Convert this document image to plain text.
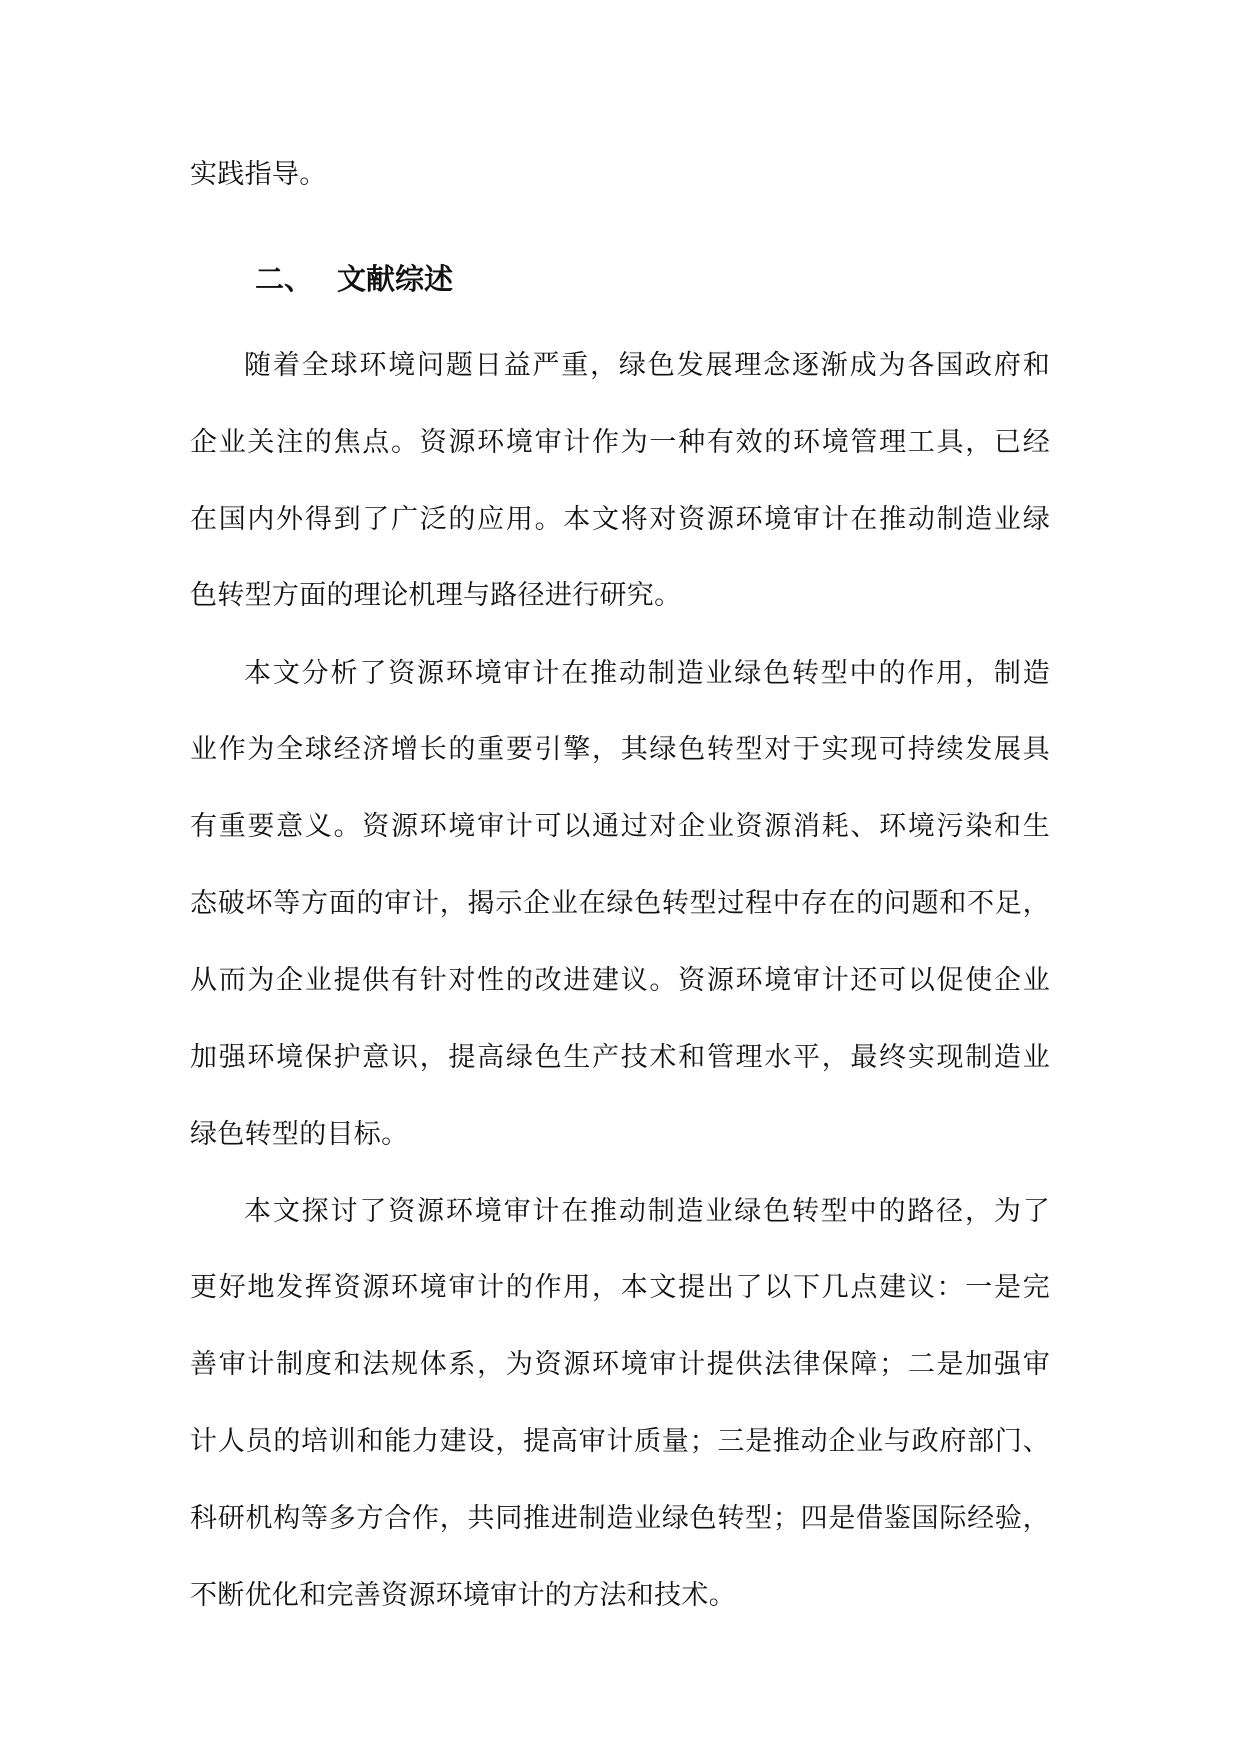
实践指导。
二、 文献综述
随着全球环境问题日益严重，绿色发展理念逐渐成为各国政府和
企业关注的焦点。资源环境审计作为一种有效的环境管理工具，已经
在国内外得到了广泛的应用。本文将对资源环境审计在推动制造业绿
色转型方面的理论机理与路径进行研究。
本文分析了资源环境审计在推动制造业绿色转型中的作用，制造
业作为全球经济增长的重要引擎，其绿色转型对于实现可持续发展具
有重要意义。资源环境审计可以通过对企业资源消耗、环境污染和生
态破坏等方面的审计，揭示企业在绿色转型过程中存在的问题和不足，
从而为企业提供有针对性的改进建议。资源环境审计还可以促使企业
加强环境保护意识，提高绿色生产技术和管理水平，最终实现制造业
绿色转型的目标。
本文探讨了资源环境审计在推动制造业绿色转型中的路径，为了
更好地发挥资源环境审计的作用，本文提出了以下几点建议：一是完
善审计制度和法规体系，为资源环境审计提供法律保障；二是加强审
计人员的培训和能力建设，提高审计质量；三是推动企业与政府部门、
科研机构等多方合作，共同推进制造业绿色转型；四是借鉴国际经验，
不断优化和完善资源环境审计的方法和技术。
